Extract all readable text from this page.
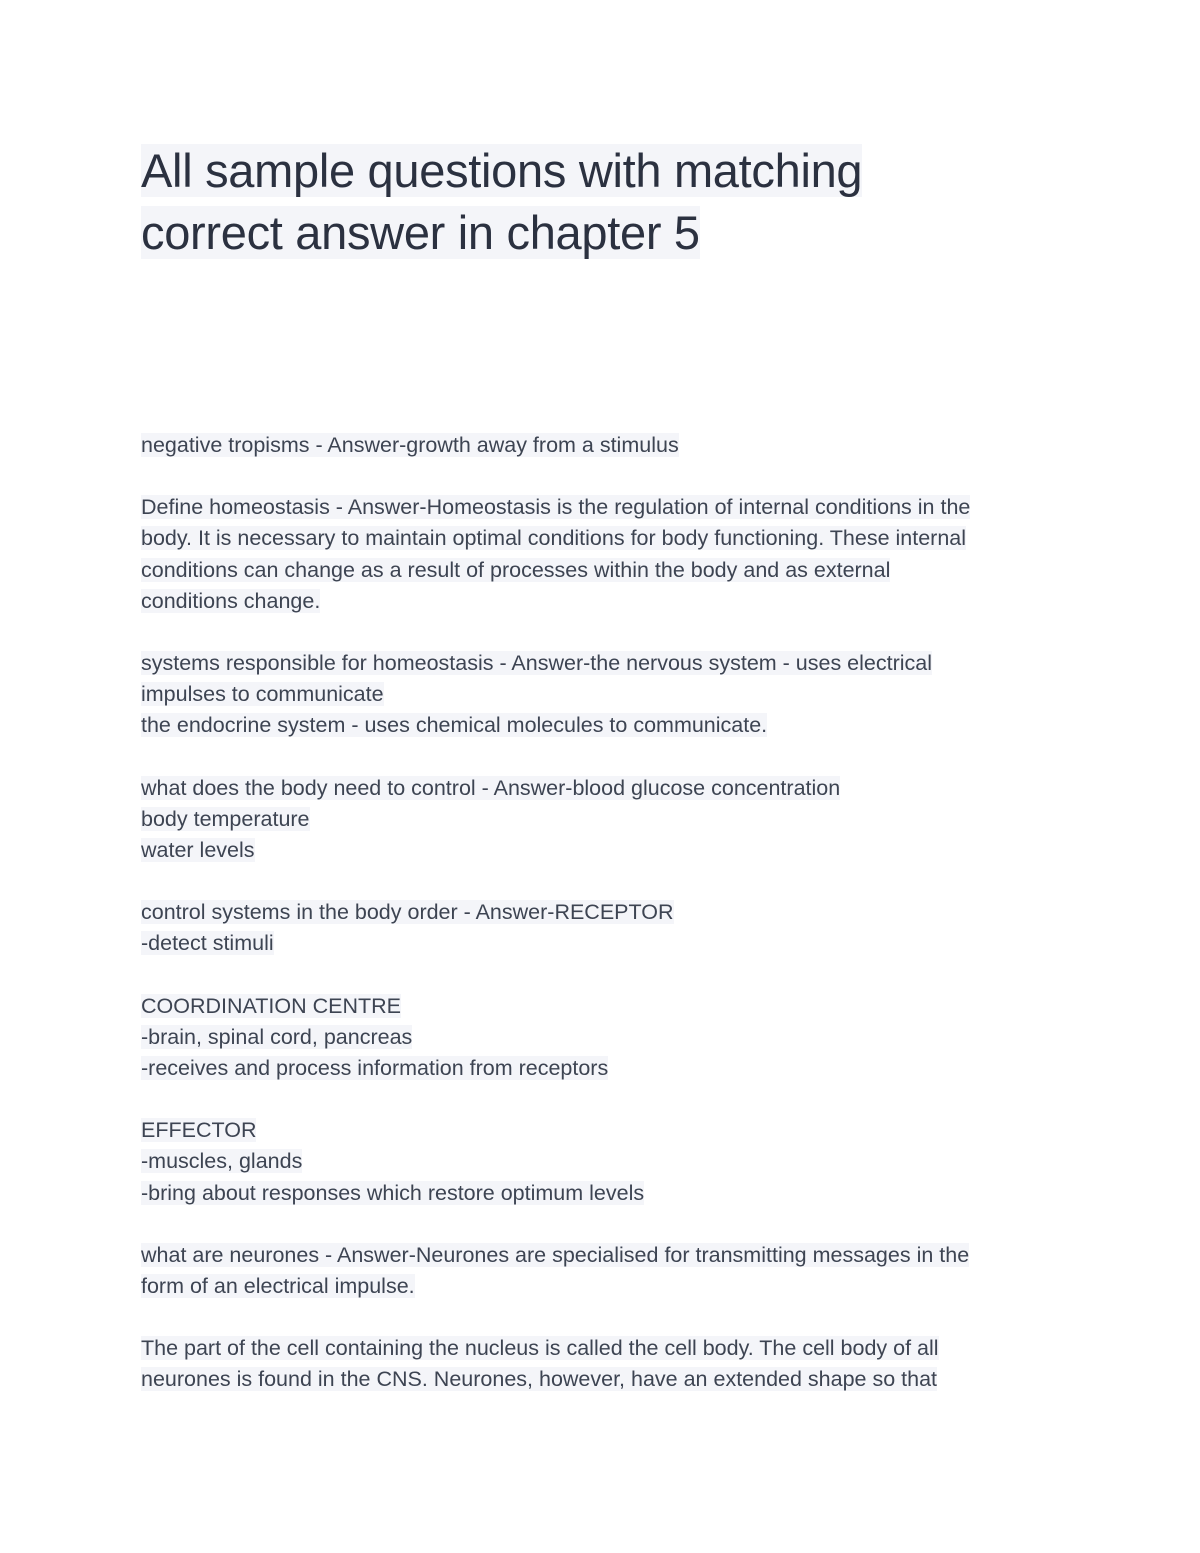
All sample questions with matching
correct answer in chapter 5

negative tropisms - Answer-growth away from a stimulus

Define homeostasis - Answer-Homeostasis is the regulation of internal conditions in the
body. It is necessary to maintain optimal conditions for body functioning. These internal
conditions can change as a result of processes within the body and as external
conditions change.

systems responsible for homeostasis - Answer-the nervous system - uses electrical
impulses to communicate
the endocrine system - uses chemical molecules to communicate.

what does the body need to control - Answer-blood glucose concentration
body temperature
water levels

control systems in the body order - Answer-RECEPTOR
-detect stimuli

COORDINATION CENTRE
-brain, spinal cord, pancreas
-receives and process information from receptors

EFFECTOR
-muscles, glands
-bring about responses which restore optimum levels

what are neurones - Answer-Neurones are specialised for transmitting messages in the
form of an electrical impulse.

The part of the cell containing the nucleus is called the cell body. The cell body of all
neurones is found in the CNS. Neurones, however, have an extended shape so that
